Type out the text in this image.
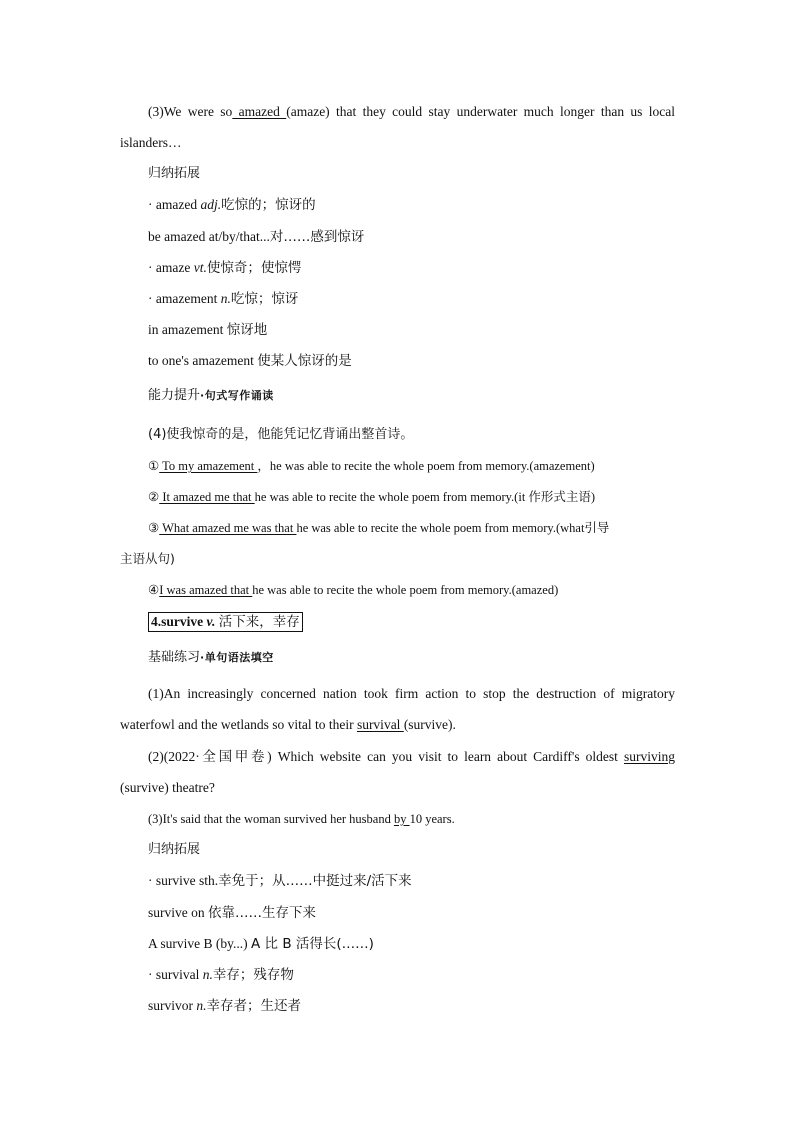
(3)We were so amazed (amaze) that they could stay underwater much longer than us local
islanders…
归纳拓展
· amazed adj.吃惊的；惊讶的
be amazed at/by/that...对……感到惊讶
· amaze vt.使惊奇；使惊愕
· amazement n.吃惊；惊讶
in amazement 惊讶地
to one's amazement 使某人惊讶的是
能力提升·句式写作诵读
(4)使我惊奇的是，他能凭记忆背诵出整首诗。
① To my amazement ，he was able to recite the whole poem from memory.(amazement)
② It amazed me that he was able to recite the whole poem from memory.(it 作形式主语)
③ What amazed me was that he was able to recite the whole poem from memory.(what引导
主语从句)
④I was amazed that he was able to recite the whole poem from memory.(amazed)
4.survive v. 活下来，幸存
基础练习·单句语法填空
(1)An increasingly concerned nation took firm action to stop the destruction of migratory
waterfowl and the wetlands so vital to their survival (survive).
(2)(2022·全国甲卷) Which website can you visit to learn about Cardiff's oldest surviving
(survive) theatre?
(3)It's said that the woman survived her husband by 10 years.
归纳拓展
· survive sth.幸免于；从……中挺过来/活下来
survive on 依靠……生存下来
A survive B (by...) A 比 B 活得长(……)
· survival n.幸存；残存物
survivor n.幸存者；生还者
